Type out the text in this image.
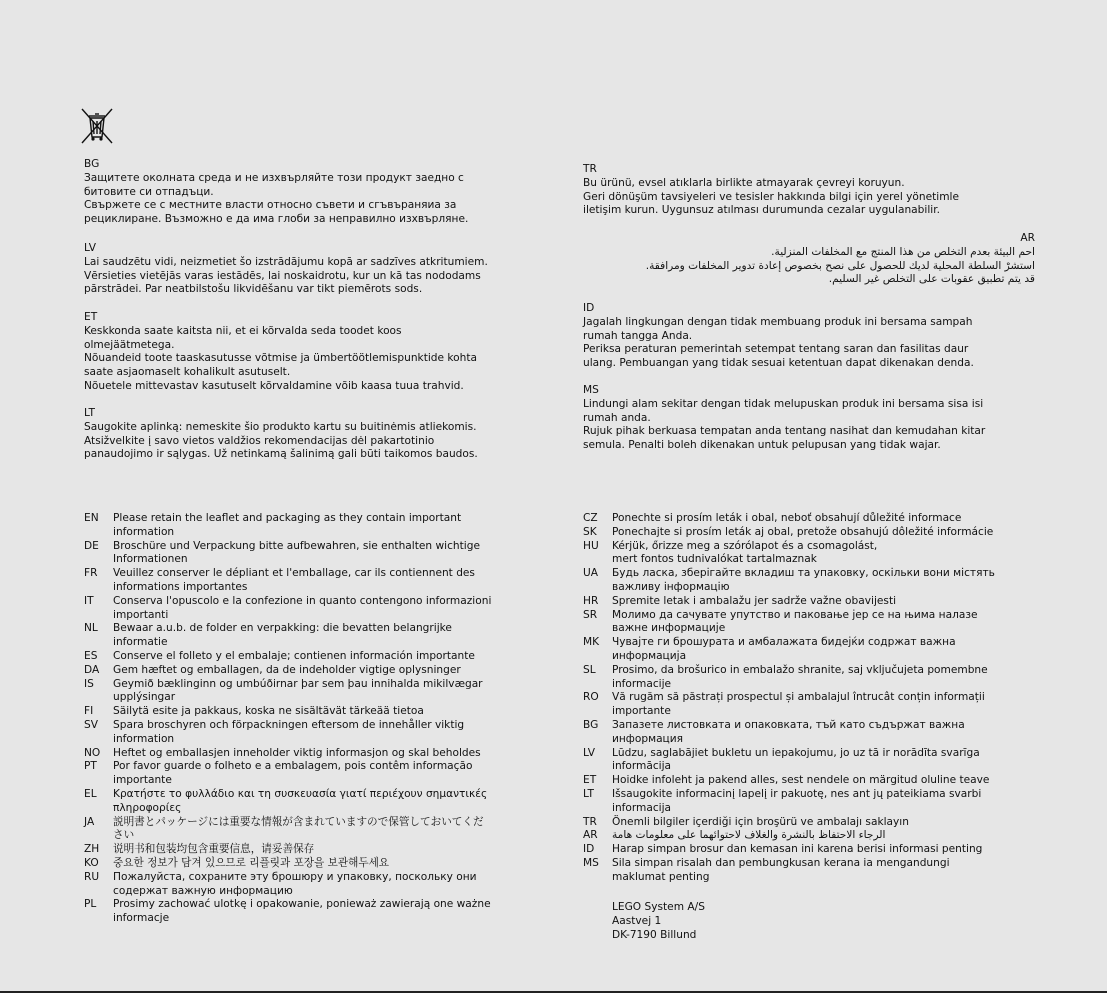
BG
Защитете околната среда и не изхвърляйте този продукт заедно с
битовите си отпадъци.
Свържете се с местните власти относно съвети и сгъвъраняиа за
рециклиране. Възможно е да има глоби за неправилно изхвърляне.
LV
Lai saudzētu vidi, neizmetiet šo izstrādājumu kopā ar sadzīves atkritumiem.
Vērsieties vietējās varas iestādēs, lai noskaidrotu, kur un kā tas nododams
pārstrādei. Par neatbilstošu likvidēšanu var tikt piemērots sods.
ET
Keskkonda saate kaitsta nii, et ei kõrvalda seda toodet koos
olmejäätmetega.
Nõuandeid toote taaskasutusse võtmise ja ümbertöötlemispunktide kohta
saate asjaomaselt kohalikult asutuselt.
Nõuetele mittevastav kasutuselt kõrvaldamine võib kaasa tuua trahvid.
LT
Saugokite aplinką: nemeskite šio produkto kartu su buitinėmis atliekomis.
Atsižvelkite į savo vietos valdžios rekomendacijas dėl pakartotinio
panaudojimo ir sąlygas. Už netinkamą šalinimą gali būti taikomos baudos.
TR
Bu ürünü, evsel atıklarla birlikte atmayarak çevreyi koruyun.
Geri dönüşüm tavsiyeleri ve tesisler hakkında bilgi için yerel yönetimle
iletişim kurun. Uygunsuz atılması durumunda cezalar uygulanabilir.
AR
احم البيئة بعدم التخلص من هذا المنتج مع المخلفات المنزلية.
استشرْ السلطة المحلية لديك للحصول على نصح بخصوص إعادة تدوير المخلفات ومرافقة.
قد يتم تطبيق عقوبات على التخلص غير السليم.
ID
Jagalah lingkungan dengan tidak membuang produk ini bersama sampah
rumah tangga Anda.
Periksa peraturan pemerintah setempat tentang saran dan fasilitas daur
ulang. Pembuangan yang tidak sesuai ketentuan dapat dikenakan denda.
MS
Lindungi alam sekitar dengan tidak melupuskan produk ini bersama sisa isi
rumah anda.
Rujuk pihak berkuasa tempatan anda tentang nasihat dan kemudahan kitar
semula. Penalti boleh dikenakan untuk pelupusan yang tidak wajar.
EN	Please retain the leaflet and packaging as they contain important
information
DE	Broschüre und Verpackung bitte aufbewahren, sie enthalten wichtige
Informationen
FR	Veuillez conserver le dépliant et l'emballage, car ils contiennent des
informations importantes
IT	Conserva l'opuscolo e la confezione in quanto contengono informazioni
importanti
NL	Bewaar a.u.b. de folder en verpakking: die bevatten belangrijke
informatie
ES	Conserve el folleto y el embalaje; contienen información importante
DA	Gem hæftet og emballagen, da de indeholder vigtige oplysninger
IS	Geymið bæklinginn og umbúðirnar þar sem þau innihalda mikilvægar
upplýsingar
FI	Säilytä esite ja pakkaus, koska ne sisältävät tärkeää tietoa
SV	Spara broschyren och förpackningen eftersom de innehåller viktig
information
NO	Heftet og emballasjen inneholder viktig informasjon og skal beholdes
PT	Por favor guarde o folheto e a embalagem, pois contêm informação
importante
EL	Κρατήστε το φυλλάδιο και τη συσκευασία γιατί περιέχουν σημαντικές
πληροφορίες
JA	説明書とパッケージには重要な情報が含まれていますので保管しておいてくだ
さい
ZH	说明书和包装均包含重要信息，请妥善保存
KO	중요한 정보가 담겨 있으므로 리플릿과 포장을 보관해두세요
RU	Пожалуйста, сохраните эту брошюру и упаковку, поскольку они
содержат важную информацию
PL	Prosimy zachować ulotkę i opakowanie, ponieważ zawierają one ważne
informacje
CZ	Ponechte si prosím leták i obal, neboť obsahují důležité informace
SK	Ponechajte si prosím leták aj obal, pretože obsahujú dôležité informácie
HU	Kérjük, őrizze meg a szórólapot és a csomagolást,
mert fontos tudnivalókat tartalmaznak
UA	Будь ласка, зберігайте вкладиш та упаковку, оскільки вони містять
важливу інформацію
HR	Spremite letak i ambalažu jer sadrže važne obavijesti
SR	Молимо да сачувате упутство и паковање јер се на њима налазе
важне информације
MK	Чувајте ги брошурата и амбалажата бидејќи содржат важна
информација
SL	Prosimo, da brošurico in embalažo shranite, saj vključujeta pomembne
informacije
RO	Vă rugăm să păstrați prospectul și ambalajul întrucât conțin informații
importante
BG	Запазете листовката и опаковката, тъй като съдържат важна
информация
LV	Lūdzu, saglabājiet bukletu un iepakojumu, jo uz tā ir norādīta svarīga
informācija
ET	Hoidke infoleht ja pakend alles, sest nendele on märgitud oluline teave
LT	Išsaugokite informacinį lapelį ir pakuotę, nes ant jų pateikiama svarbi
informacija
TR	Önemli bilgiler içerdiği için broşürü ve ambalajı saklayın
AR	الرجاء الاحتفاظ بالنشرة والغلاف لاحتوائهما على معلومات هامة
ID	Harap simpan brosur dan kemasan ini karena berisi informasi penting
MS	Sila simpan risalah dan pembungkusan kerana ia mengandungi
maklumat penting
LEGO System A/S
Aastvej 1
DK-7190 Billund
